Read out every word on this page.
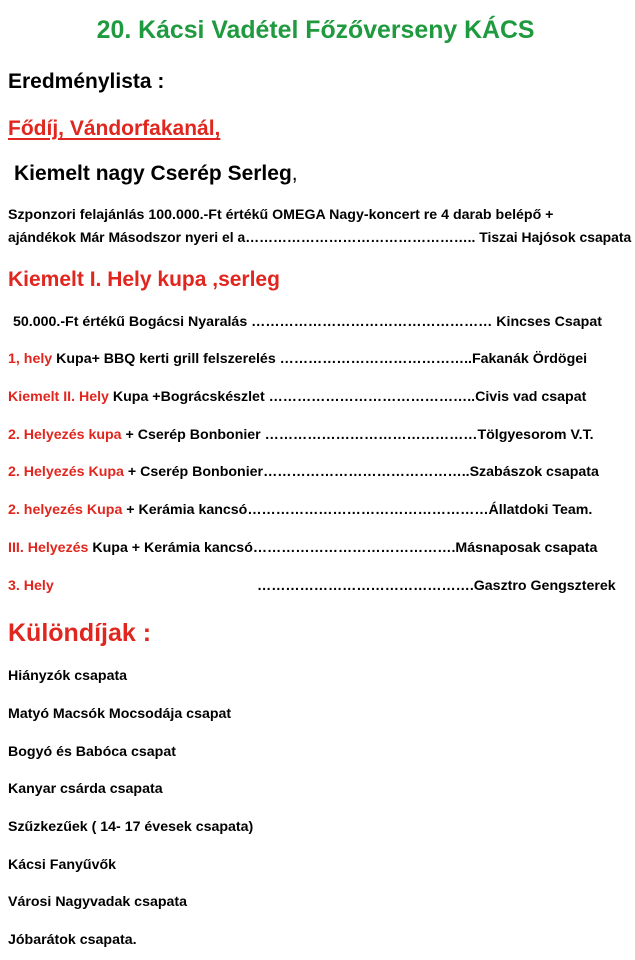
20. Kácsi Vadétel Főzőverseny KÁCS
Eredménylista :
Fődíj, Vándorfakanál,
Kiemelt nagy Cserép Serleg,
Szponzori felajánlás 100.000.-Ft értékű OMEGA Nagy-koncert re 4 darab belépő +
ajándékok Már Másodszor nyeri el a………………………………………….. Tiszai Hajósok csapata
Kiemelt I. Hely kupa ,serleg
50.000.-Ft értékű Bogácsi Nyaralás …………………………………………… Kincses Csapat
1, hely Kupa+ BBQ kerti grill felszerelés …………………………………..Fakanák Ördögei
Kiemelt II. Hely Kupa +Bográcskészlet ……………………………………..Civis vad csapat
2. Helyezés kupa + Cserép Bonbonier ………………………………………Tölgyesorom V.T.
2. Helyezés Kupa + Cserép Bonbonier……………………………………..Szabászok csapata
2. helyezés Kupa + Kerámia kancsó……………………………………………Állatdoki Team.
III. Helyezés Kupa + Kerámia kancsó…………………………………….Másnaposak csapata
3. Hely	……………………………………….Gasztro Gengszterek
Különdíjak :
Hiányzók csapata
Matyó Macsók Mocsodája csapat
Bogyó és Babóca csapat
Kanyar csárda csapata
Szűzkezűek ( 14- 17 évesek csapata)
Kácsi Fanyűvők
Városi Nagyvadak csapata
Jóbarátok csapata.
